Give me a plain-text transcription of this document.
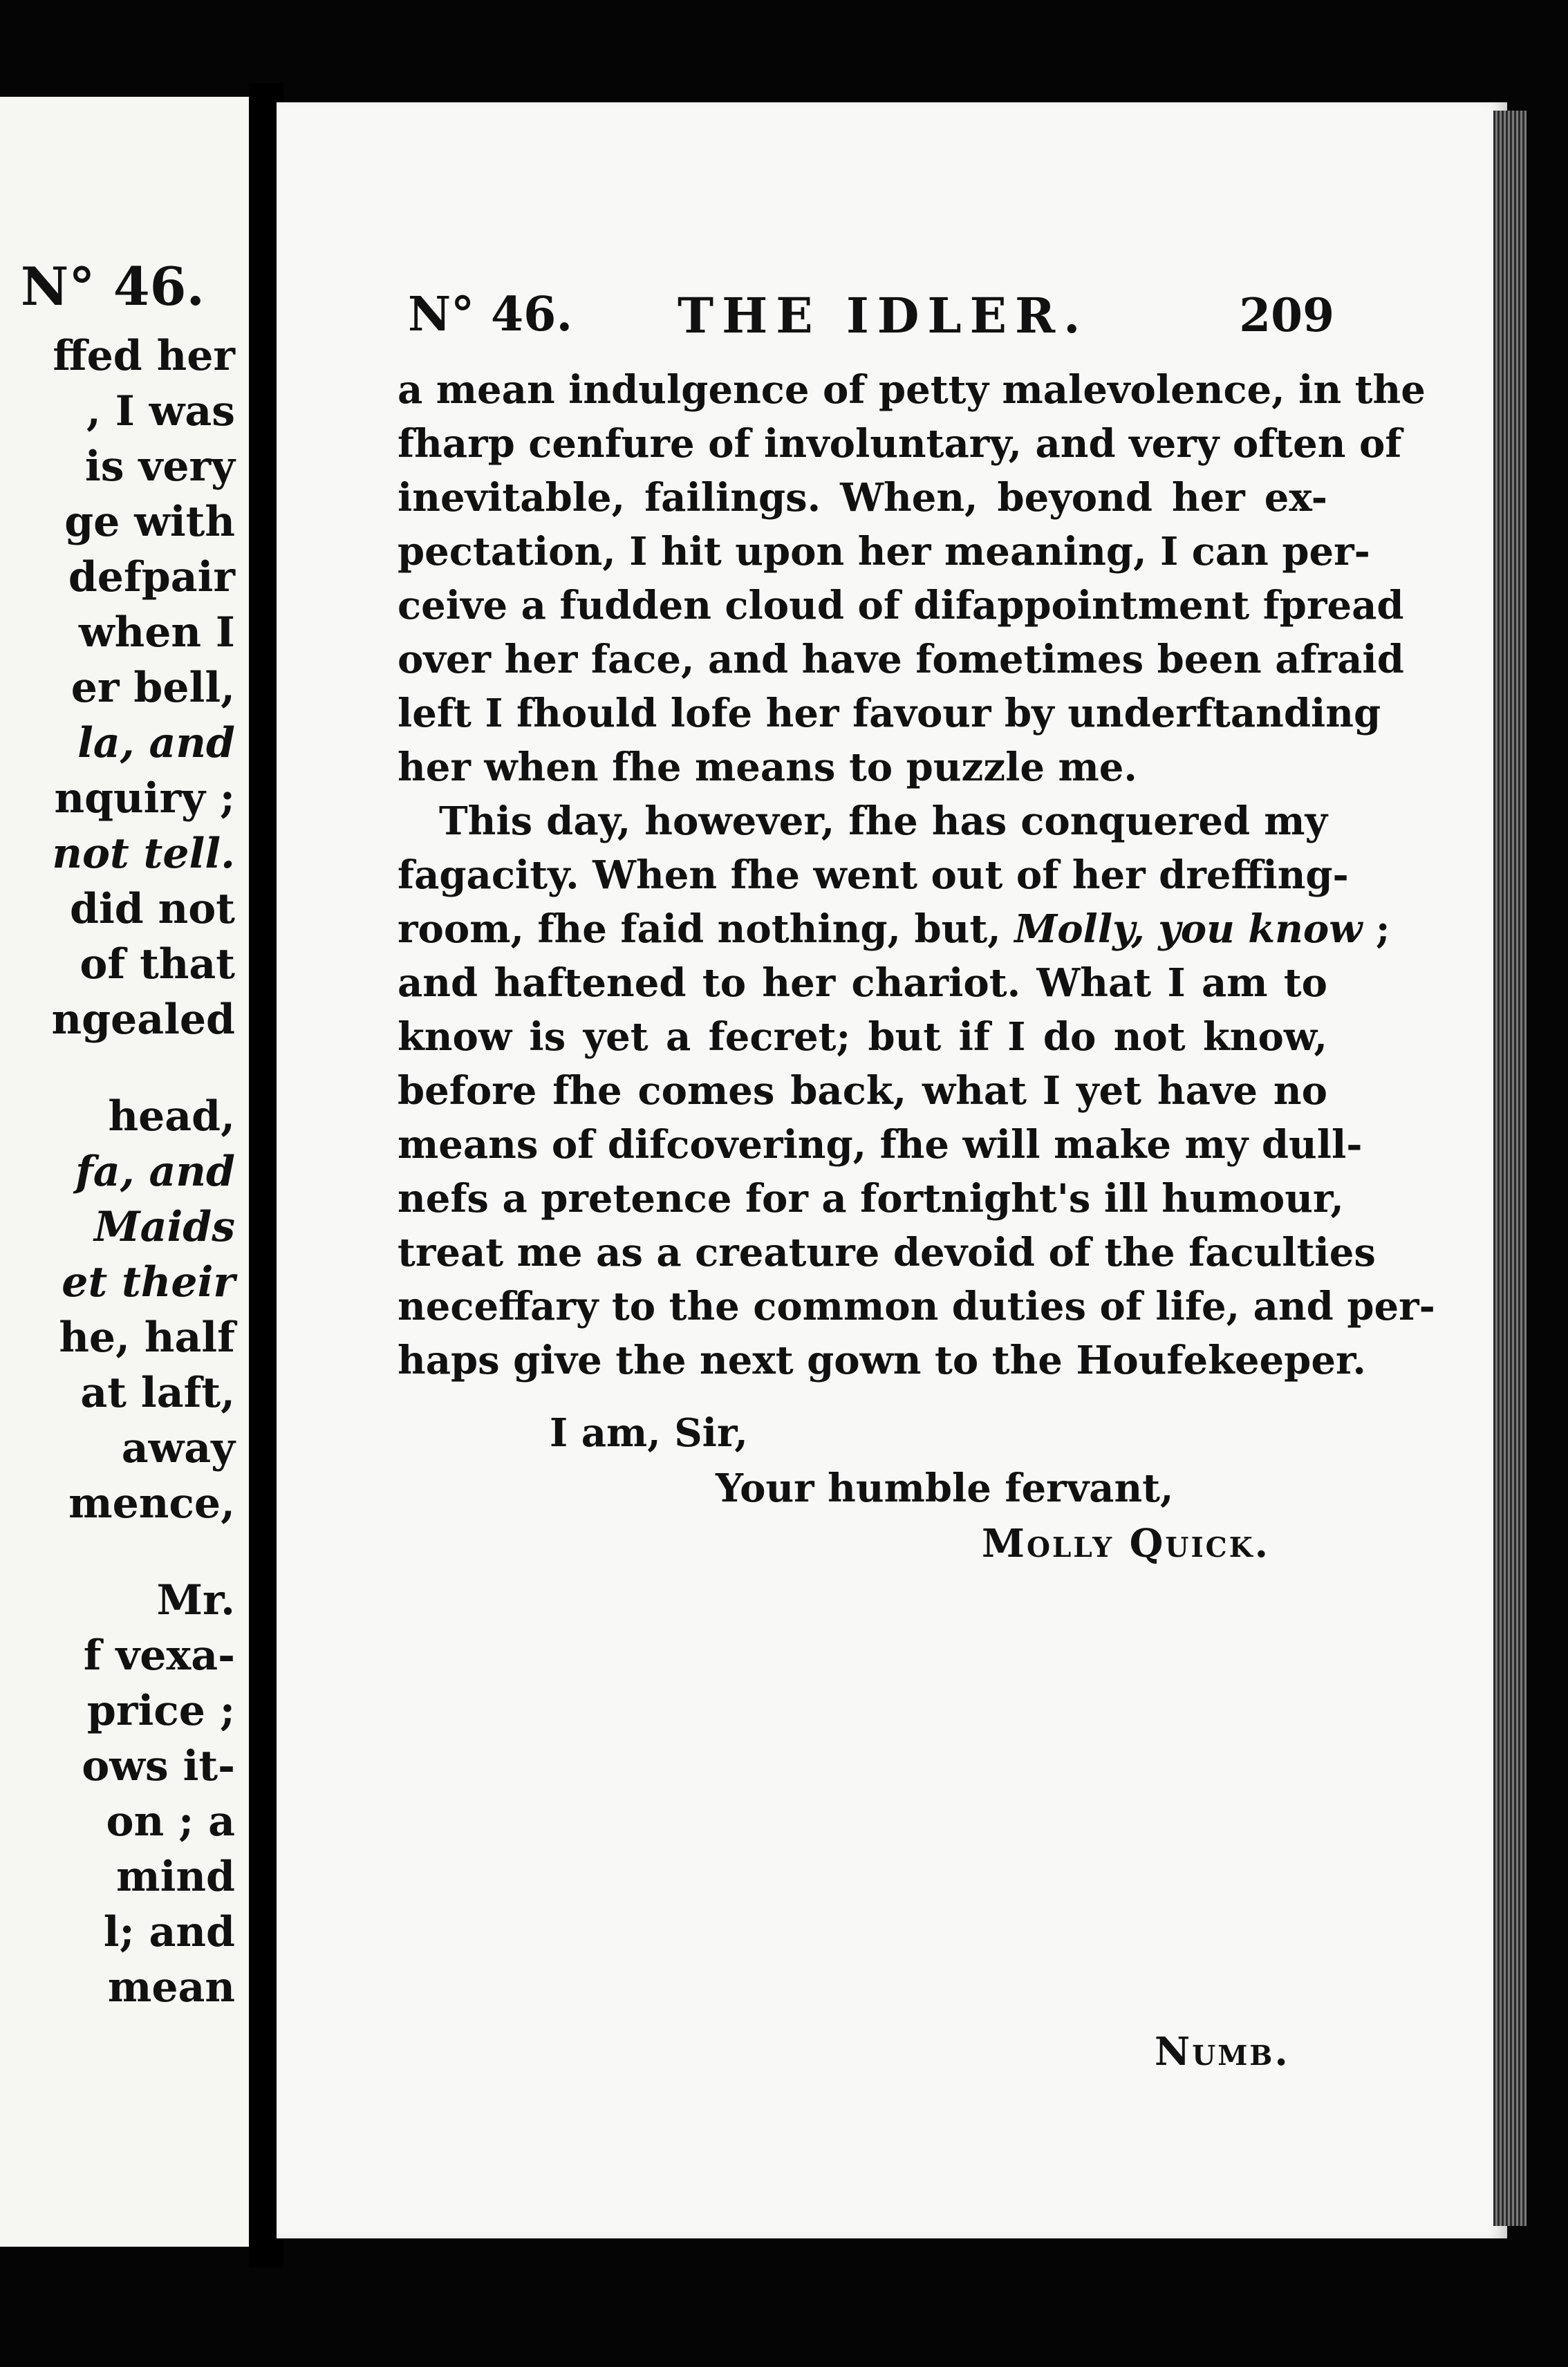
N° 46.
ffed her
, I was
is very
ge with
defpair
when I
er bell,
la, and
nquiry ;
not tell.
did not
of that
ngealed
head,
fa, and
Maids
et their
he, half
at laft,
away
mence,
Mr.
f vexa-
price ;
ows it-
on ; a
mind
l; and
mean
N° 46. THE IDLER.	209
a mean indulgence of petty malevolence, in the
fharp cenfure of involuntary, and very often of
inevitable, failings. When, beyond her ex-
pectation, I hit upon her meaning, I can per-
ceive a fudden cloud of difappointment fpread
over her face, and have fometimes been afraid
left I fhould lofe her favour by underftanding
her when fhe means to puzzle me.
This day, however, fhe has conquered my
fagacity. When fhe went out of her dreffing-
room, fhe faid nothing, but, Molly, you know ;
and haftened to her chariot. What I am to
know is yet a fecret; but if I do not know,
before fhe comes back, what I yet have no
means of difcovering, fhe will make my dull-
nefs a pretence for a fortnight's ill humour,
treat me as a creature devoid of the faculties
neceffary to the common duties of life, and per-
haps give the next gown to the Houfekeeper.
I am, Sir,
Your humble fervant,
Molly Quick.
Numb.
